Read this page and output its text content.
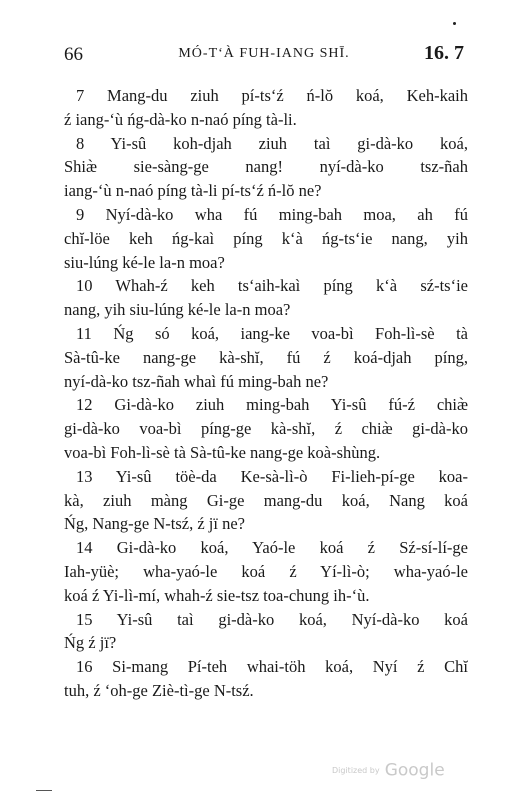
66	MÓ-T‘À FUH-IANG SHĪ.	16. 7
7 Mang-du ziuh pí-ts‘ź ń-lŏ koá, Keh-kaih
ź iang-‘ù ńg-dà-ko n-naó píng tà-li.
8 Yi-sû koh-djah ziuh taì gi-dà-ko koá,
Shiæ̀ sie-sàng-ge nang! nyí-dà-ko tsz-ñah
iang-‘ù n-naó píng tà-li pí-ts‘ź ń-lŏ ne?
9 Nyí-dà-ko wha fú ming-bah moa, ah fú
chĭ-löe keh ńg-kaì píng k‘à ńg-ts‘ie nang, yih
siu-lúng ké-le la-n moa?
10 Whah-ź keh ts‘aih-kaì píng k‘à sź-ts‘ie
nang, yih siu-lúng ké-le la-n moa?
11 Ńg só koá, iang-ke voa-bì Foh-lì-sè tà
Sà-tû-ke nang-ge kà-shĭ, fú ź koá-djah píng,
nyí-dà-ko tsz-ñah whaì fú ming-bah ne?
12 Gi-dà-ko ziuh ming-bah Yi-sû fú-ź chiæ̀
gi-dà-ko voa-bì píng-ge kà-shĭ, ź chiæ̀ gi-dà-ko
voa-bì Foh-lì-sè tà Sà-tû-ke nang-ge koà-shùng.
13 Yi-sû töè-da Ke-sà-lì-ò Fi-lieh-pí-ge koa-
kà, ziuh màng Gi-ge mang-du koá, Nang koá
Ńg, Nang-ge N-tsź, ź jï ne?
14 Gi-dà-ko koá, Yaó-le koá ź Sź-sí-lí-ge
Iah-yüè; wha-yaó-le koá ź Yí-lì-ò; wha-yaó-le
koá ź Yi-lì-mí, whah-ź sie-tsz toa-chung ih-‘ù.
15 Yi-sû taì gi-dà-ko koá, Nyí-dà-ko koá
Ńg ź jï?
16 Si-mang Pí-teh whai-töh koá, Nyí ź Chĭ
tuh, ź ‘oh-ge Ziè-tì-ge N-tsź.
Digitized by Google
